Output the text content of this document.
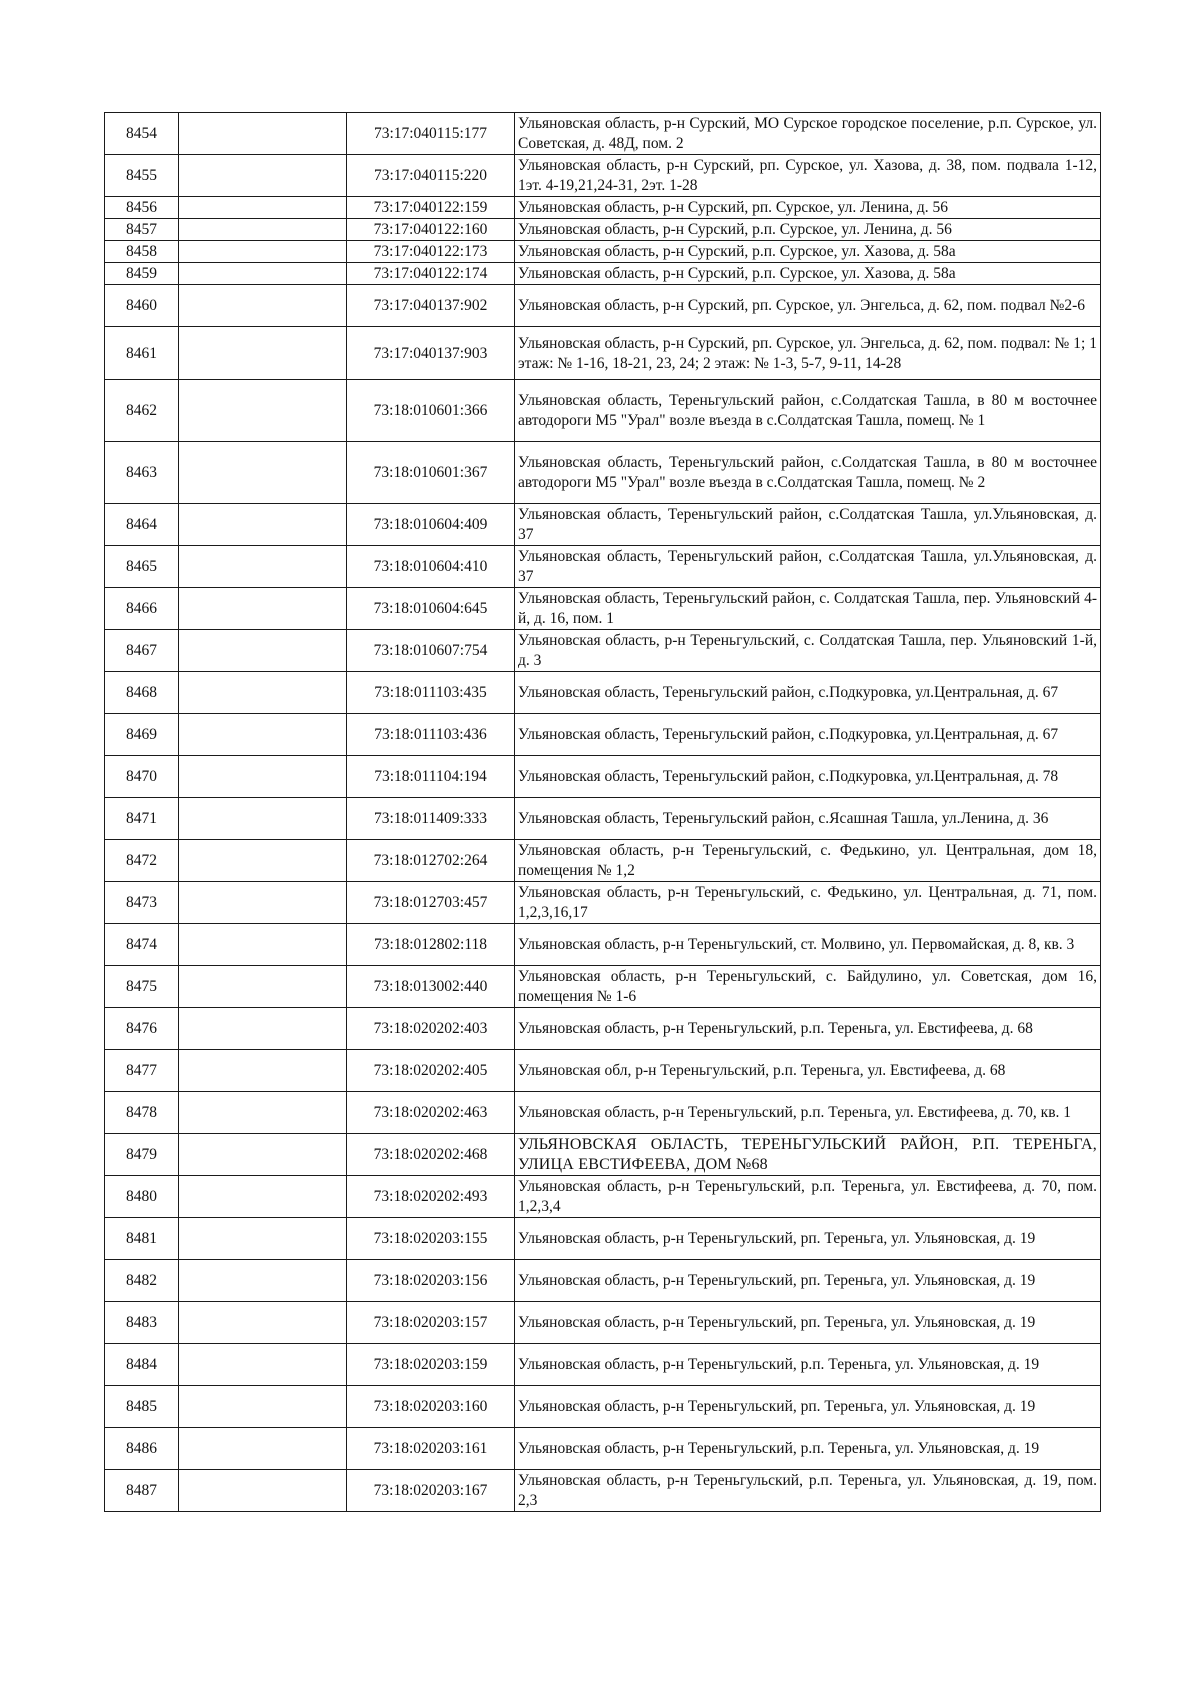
8454		73:17:040115:177	Ульяновская область, р-н Сурский, МО Сурское городское поселение, р.п. Сурское, ул. Советская, д. 48Д, пом. 2
8455		73:17:040115:220	Ульяновская область, р-н Сурский, рп. Сурское, ул. Хазова, д. 38, пом. подвала 1-12, 1эт. 4-19,21,24-31, 2эт. 1-28
8456		73:17:040122:159	Ульяновская область, р-н Сурский, рп. Сурское, ул. Ленина, д. 56
8457		73:17:040122:160	Ульяновская область, р-н Сурский, р.п. Сурское, ул. Ленина, д. 56
8458		73:17:040122:173	Ульяновская область, р-н Сурский, р.п. Сурское, ул. Хазова, д. 58а
8459		73:17:040122:174	Ульяновская область, р-н Сурский, р.п. Сурское, ул. Хазова, д. 58а
8460		73:17:040137:902	Ульяновская область, р-н Сурский, рп. Сурское, ул. Энгельса, д. 62, пом. подвал №2-6
8461		73:17:040137:903	Ульяновская область, р-н Сурский, рп. Сурское, ул. Энгельса, д. 62, пом. подвал: № 1; 1 этаж: № 1-16, 18-21, 23, 24; 2 этаж: № 1-3, 5-7, 9-11, 14-28
8462		73:18:010601:366	Ульяновская область, Тереньгульский район, с.Солдатская Ташла, в 80 м восточнее автодороги М5 "Урал" возле въезда в с.Солдатская Ташла, помещ. № 1
8463		73:18:010601:367	Ульяновская область, Тереньгульский район, с.Солдатская Ташла, в 80 м восточнее автодороги М5 "Урал" возле въезда в с.Солдатская Ташла, помещ. № 2
8464		73:18:010604:409	Ульяновская область, Тереньгульский район, с.Солдатская Ташла, ул.Ульяновская, д. 37
8465		73:18:010604:410	Ульяновская область, Тереньгульский район, с.Солдатская Ташла, ул.Ульяновская, д. 37
8466		73:18:010604:645	Ульяновская область, Тереньгульский район, с. Солдатская Ташла, пер. Ульяновский 4-й, д. 16, пом. 1
8467		73:18:010607:754	Ульяновская область, р-н Тереньгульский, с. Солдатская Ташла, пер. Ульяновский 1-й, д. 3
8468		73:18:011103:435	Ульяновская область, Тереньгульский район, с.Подкуровка, ул.Центральная, д. 67
8469		73:18:011103:436	Ульяновская область, Тереньгульский район, с.Подкуровка, ул.Центральная, д. 67
8470		73:18:011104:194	Ульяновская область, Тереньгульский район, с.Подкуровка, ул.Центральная, д. 78
8471		73:18:011409:333	Ульяновская область, Тереньгульский район, с.Ясашная Ташла, ул.Ленина, д. 36
8472		73:18:012702:264	Ульяновская область, р-н Тереньгульский, с. Федькино, ул. Центральная, дом 18, помещения № 1,2
8473		73:18:012703:457	Ульяновская область, р-н Тереньгульский, с. Федькино, ул. Центральная, д. 71, пом. 1,2,3,16,17
8474		73:18:012802:118	Ульяновская область, р-н Тереньгульский, ст. Молвино, ул. Первомайская, д. 8, кв. 3
8475		73:18:013002:440	Ульяновская область, р-н Тереньгульский, с. Байдулино, ул. Советская, дом 16, помещения № 1-6
8476		73:18:020202:403	Ульяновская область, р-н Тереньгульский, р.п. Тереньга, ул. Евстифеева, д. 68
8477		73:18:020202:405	Ульяновская обл, р-н Тереньгульский, р.п. Тереньга, ул. Евстифеева, д. 68
8478		73:18:020202:463	Ульяновская область, р-н Тереньгульский, р.п. Тереньга, ул. Евстифеева, д. 70, кв. 1
8479		73:18:020202:468	УЛЬЯНОВСКАЯ ОБЛАСТЬ, ТЕРЕНЬГУЛЬСКИЙ РАЙОН, Р.П. ТЕРЕНЬГА, УЛИЦА ЕВСТИФЕЕВА, ДОМ №68
8480		73:18:020202:493	Ульяновская область, р-н Тереньгульский, р.п. Тереньга, ул. Евстифеева, д. 70, пом. 1,2,3,4
8481		73:18:020203:155	Ульяновская область, р-н Тереньгульский, рп. Тереньга, ул. Ульяновская, д. 19
8482		73:18:020203:156	Ульяновская область, р-н Тереньгульский, рп. Тереньга, ул. Ульяновская, д. 19
8483		73:18:020203:157	Ульяновская область, р-н Тереньгульский, рп. Тереньга, ул. Ульяновская, д. 19
8484		73:18:020203:159	Ульяновская область, р-н Тереньгульский, р.п. Тереньга, ул. Ульяновская, д. 19
8485		73:18:020203:160	Ульяновская область, р-н Тереньгульский, рп. Тереньга, ул. Ульяновская, д. 19
8486		73:18:020203:161	Ульяновская область, р-н Тереньгульский, р.п. Тереньга, ул. Ульяновская, д. 19
8487		73:18:020203:167	Ульяновская область, р-н Тереньгульский, р.п. Тереньга, ул. Ульяновская, д. 19, пом. 2,3
